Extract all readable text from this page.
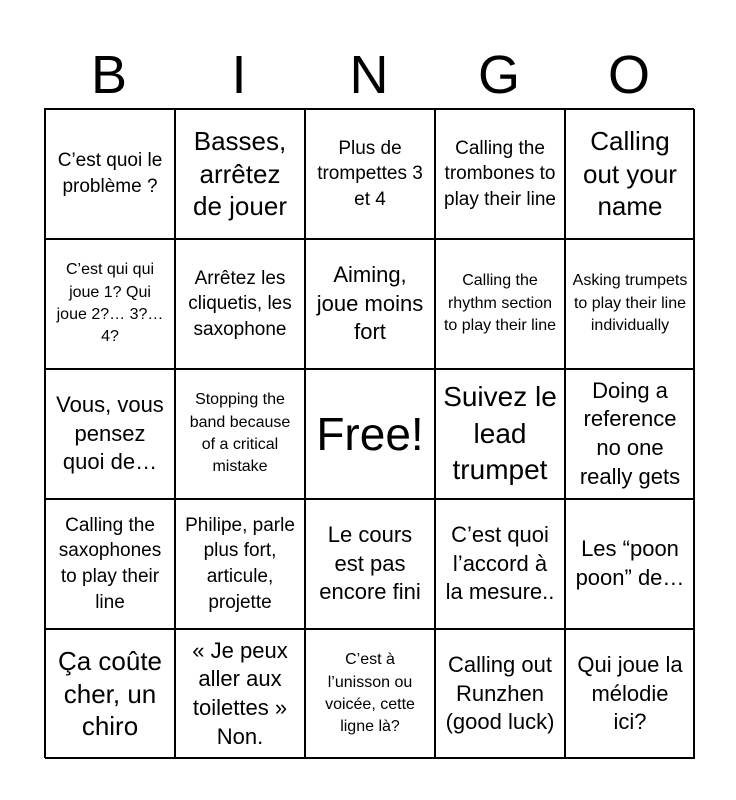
B	I	N	G	O
C’est quoi le problème ?
Basses, arrêtez de jouer
Plus de trompettes 3 et 4
Calling the trombones to play their line
Calling out your name
C’est qui qui joue 1? Qui joue 2?… 3?… 4?
Arrêtez les cliquetis, les saxophone
Aiming, joue moins fort
Calling the rhythm section to play their line
Asking trumpets to play their line individually
Vous, vous pensez quoi de…
Stopping the band because of a critical mistake
Free!
Suivez le lead trumpet
Doing a reference no one really gets
Calling the saxophones to play their line
Philipe, parle plus fort, articule, projette
Le cours est pas encore fini
C’est quoi l’accord à la mesure..
Les “poon poon” de…
Ça coûte cher, un chiro
« Je peux aller aux toilettes » Non.
C’est à l’unisson ou voicée, cette ligne là?
Calling out Runzhen (good luck)
Qui joue la mélodie ici?
